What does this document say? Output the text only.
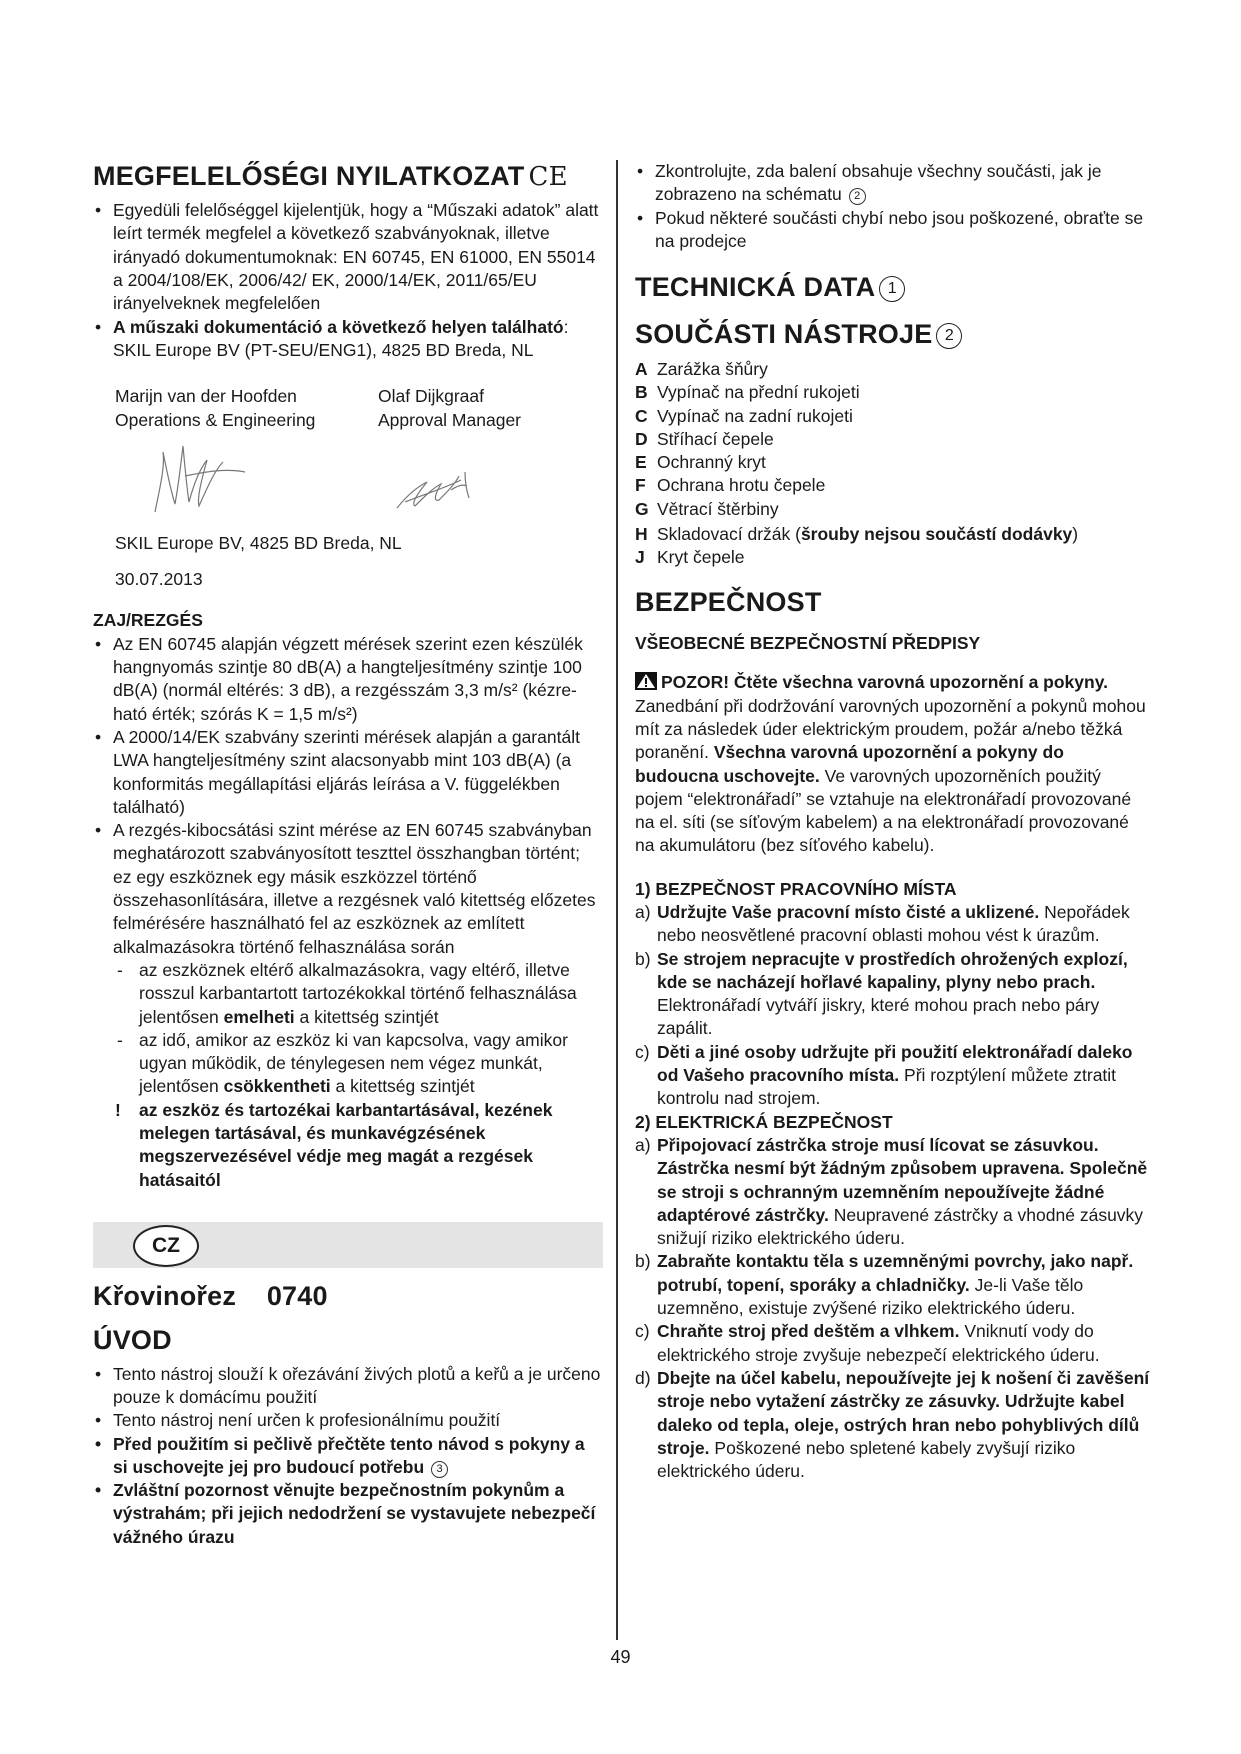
MEGFELELŐSÉGI NYILATKOZAT CE
• Egyedüli felelőséggel kijelentjük, hogy a “Műszaki adatok” alatt leírt termék megfelel a következő szabványoknak, illetve irányadó dokumentumoknak: EN 60745, EN 61000, EN 55014 a 2004/108/EK, 2006/42/ EK, 2000/14/EK, 2011/65/EU irányelveknek megfelelően
• A műszaki dokumentáció a következő helyen található: SKIL Europe BV (PT-SEU/ENG1), 4825 BD Breda, NL
Marijn van der Hoofden	Olaf Dijkgraaf
Operations & Engineering	Approval Manager
SKIL Europe BV, 4825 BD Breda, NL
30.07.2013
ZAJ/REZGÉS
• Az EN 60745 alapján végzett mérések szerint ezen készülék hangnyomás szintje 80 dB(A) a hangteljesítmény szintje 100 dB(A) (normál eltérés: 3 dB), a rezgésszám 3,3 m/s² (kézre-ható érték; szórás K = 1,5 m/s²)
• A 2000/14/EK szabvány szerinti mérések alapján a garantált LWA hangteljesítmény szint alacsonyabb mint 103 dB(A) (a konformitás megállapítási eljárás leírása a V. függelékben található)
• A rezgés-kibocsátási szint mérése az EN 60745 szabványban meghatározott szabványosított teszttel összhangban történt; ez egy eszköznek egy másik eszközzel történő összehasonlítására, illetve a rezgésnek való kitettség előzetes felmérésére használható fel az eszköznek az említett alkalmazásokra történő felhasználása során
- az eszköznek eltérő alkalmazásokra, vagy eltérő, illetve rosszul karbantartott tartozékokkal történő felhasználása jelentősen emelheti a kitettség szintjét
- az idő, amikor az eszköz ki van kapcsolva, vagy amikor ugyan működik, de ténylegesen nem végez munkát, jelentősen csökkentheti a kitettség szintjét
! az eszköz és tartozékai karbantartásával, kezének melegen tartásával, és munkavégzésének megszervezésével védje meg magát a rezgések hatásaitól
CZ
Křovinořez 0740
ÚVOD
• Tento nástroj slouží k ořezávání živých plotů a keřů a je určeno pouze k domácímu použití
• Tento nástroj není určen k profesionálnímu použití
• Před použitím si pečlivě přečtěte tento návod s pokyny a si uschovejte jej pro budoucí potřebu 3
• Zvláštní pozornost věnujte bezpečnostním pokynům a výstrahám; při jejich nedodržení se vystavujete nebezpečí vážného úrazu
• Zkontrolujte, zda balení obsahuje všechny součásti, jak je zobrazeno na schématu 2
• Pokud některé součásti chybí nebo jsou poškozené, obraťte se na prodejce
TECHNICKÁ DATA 1
SOUČÁSTI NÁSTROJE 2
A Zarážka šňůry
B Vypínač na přední rukojeti
C Vypínač na zadní rukojeti
D Stříhací čepele
E Ochranný kryt
F Ochrana hrotu čepele
G Větrací štěrbiny
H Skladovací držák (šrouby nejsou součástí dodávky)
J Kryt čepele
BEZPEČNOST
VŠEOBECNÉ BEZPEČNOSTNÍ PŘEDPISY
POZOR! Čtěte všechna varovná upozornění a pokyny. Zanedbání při dodržování varovných upozornění a pokynů mohou mít za následek úder elektrickým proudem, požár a/nebo těžká poranění. Všechna varovná upozornění a pokyny do budoucna uschovejte. Ve varovných upozorněních použitý pojem “elektronářadí” se vztahuje na elektronářadí provozované na el. síti (se síťovým kabelem) a na elektronářadí provozované na akumulátoru (bez síťového kabelu).
1) BEZPEČNOST PRACOVNÍHO MÍSTA
a) Udržujte Vaše pracovní místo čisté a uklizené. Nepořádek nebo neosvětlené pracovní oblasti mohou vést k úrazům.
b) Se strojem nepracujte v prostředích ohrožených explozí, kde se nacházejí hořlavé kapaliny, plyny nebo prach. Elektronářadí vytváří jiskry, které mohou prach nebo páry zapálit.
c) Děti a jiné osoby udržujte při použití elektronářadí daleko od Vašeho pracovního místa. Při rozptýlení můžete ztratit kontrolu nad strojem.
2) ELEKTRICKÁ BEZPEČNOST
a) Připojovací zástrčka stroje musí lícovat se zásuvkou. Zástrčka nesmí být žádným způsobem upravena. Společně se stroji s ochranným uzemněním nepoužívejte žádné adaptérové zástrčky. Neupravené zástrčky a vhodné zásuvky snižují riziko elektrického úderu.
b) Zabraňte kontaktu těla s uzemněnými povrchy, jako např. potrubí, topení, sporáky a chladničky. Je-li Vaše tělo uzemněno, existuje zvýšené riziko elektrického úderu.
c) Chraňte stroj před deštěm a vlhkem. Vniknutí vody do elektrického stroje zvyšuje nebezpečí elektrického úderu.
d) Dbejte na účel kabelu, nepoužívejte jej k nošení či zavěšení stroje nebo vytažení zástrčky ze zásuvky. Udržujte kabel daleko od tepla, oleje, ostrých hran nebo pohyblivých dílů stroje. Poškozené nebo spletené kabely zvyšují riziko elektrického úderu.
49
